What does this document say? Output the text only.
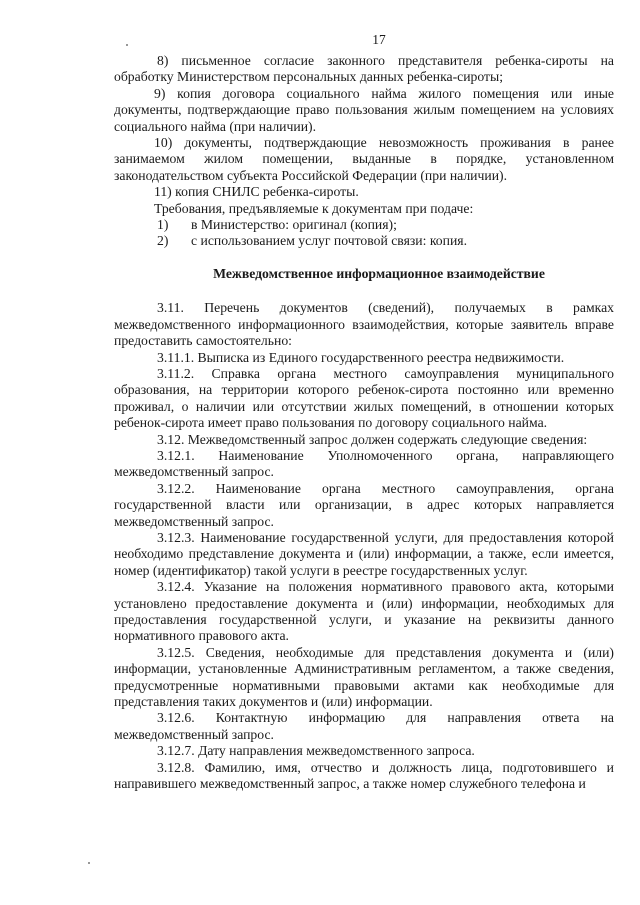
17

8) письменное согласие законного представителя ребенка-сироты на обработку Министерством персональных данных ребенка-сироты;

9) копия договора социального найма жилого помещения или иные документы, подтверждающие право пользования жилым помещением на условиях социального найма (при наличии).

10) документы, подтверждающие невозможность проживания в ранее занимаемом жилом помещении, выданные в порядке, установленном законодательством субъекта Российской Федерации (при наличии).

11) копия СНИЛС ребенка-сироты.

Требования, предъявляемые к документам при подаче:

1)	в Министерство: оригинал (копия);
2)	с использованием услуг почтовой связи: копия.
Межведомственное информационное взаимодействие

3.11. Перечень документов (сведений), получаемых в рамках межведомственного информационного взаимодействия, которые заявитель вправе предоставить самостоятельно:

3.11.1. Выписка из Единого государственного реестра недвижимости.

3.11.2. Справка органа местного самоуправления муниципального образования, на территории которого ребенок-сирота постоянно или временно проживал, о наличии или отсутствии жилых помещений, в отношении которых ребенок-сирота имеет право пользования по договору социального найма.

3.12. Межведомственный запрос должен содержать следующие сведения:

3.12.1. Наименование Уполномоченного органа, направляющего межведомственный запрос.

3.12.2. Наименование органа местного самоуправления, органа государственной власти или организации, в адрес которых направляется межведомственный запрос.

3.12.3. Наименование государственной услуги, для предоставления которой необходимо представление документа и (или) информации, а также, если имеется, номер (идентификатор) такой услуги в реестре государственных услуг.

3.12.4. Указание на положения нормативного правового акта, которыми установлено предоставление документа и (или) информации, необходимых для предоставления государственной услуги, и указание на реквизиты данного нормативного правового акта.

3.12.5. Сведения, необходимые для представления документа и (или) информации, установленные Административным регламентом, а также сведения, предусмотренные нормативными правовыми актами как необходимые для представления таких документов и (или) информации.

3.12.6. Контактную информацию для направления ответа на межведомственный запрос.

3.12.7. Дату направления межведомственного запроса.

3.12.8. Фамилию, имя, отчество и должность лица, подготовившего и направившего межведомственный запрос, а также номер служебного телефона и
